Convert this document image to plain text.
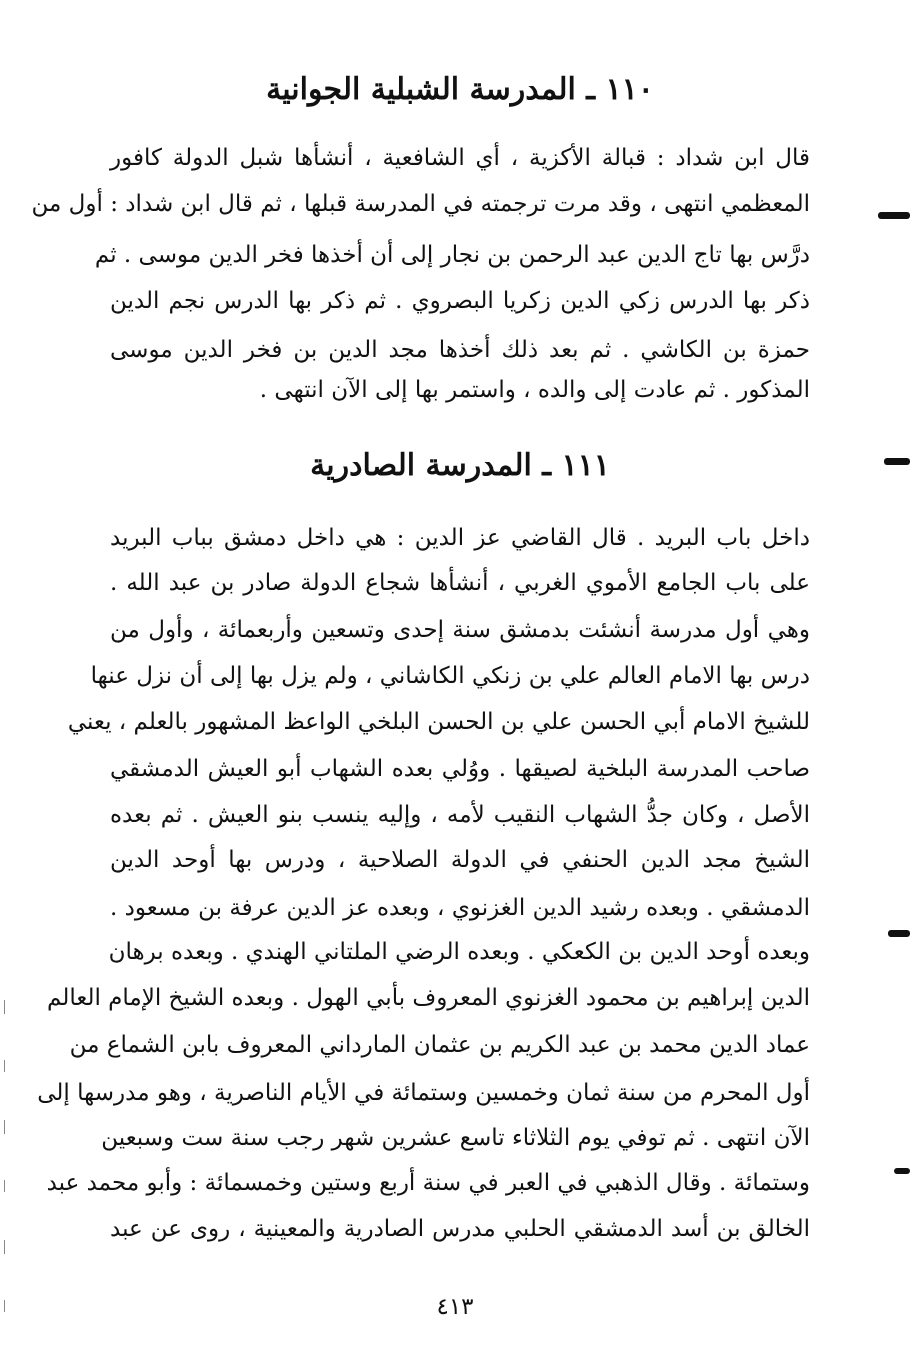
١١٠ ـ المدرسة الشبلية الجوانية
قال ابن شداد : قبالة الأكزية ، أي الشافعية ، أنشأها شبل الدولة كافور
المعظمي انتهى ، وقد مرت ترجمته في المدرسة قبلها ، ثم قال ابن شداد : أول من
درَّس بها تاج الدين عبد الرحمن بن نجار إلى أن أخذها فخر الدين موسى . ثم
ذكر بها الدرس زكي الدين زكريا البصروي . ثم ذكر بها الدرس نجم الدين
حمزة بن الكاشي . ثم بعد ذلك أخذها مجد الدين بن فخر الدين موسى
المذكور . ثم عادت إلى والده ، واستمر بها إلى الآن انتهى .
١١١ ـ المدرسة الصادرية
داخل باب البريد . قال القاضي عز الدين : هي داخل دمشق بباب البريد
على باب الجامع الأموي الغربي ، أنشأها شجاع الدولة صادر بن عبد الله .
وهي أول مدرسة أنشئت بدمشق سنة إحدى وتسعين وأربعمائة ، وأول من
درس بها الامام العالم علي بن زنكي الكاشاني ، ولم يزل بها إلى أن نزل عنها
للشيخ الامام أبي الحسن علي بن الحسن البلخي الواعظ المشهور بالعلم ، يعني
صاحب المدرسة البلخية لصيقها . ووُلي بعده الشهاب أبو العيش الدمشقي
الأصل ، وكان جدُّ الشهاب النقيب لأمه ، وإليه ينسب بنو العيش . ثم بعده
الشيخ مجد الدين الحنفي في الدولة الصلاحية ، ودرس بها أوحد الدين
الدمشقي . وبعده رشيد الدين الغزنوي ، وبعده عز الدين عرفة بن مسعود .
وبعده أوحد الدين بن الكعكي . وبعده الرضي الملتاني الهندي . وبعده برهان
الدين إبراهيم بن محمود الغزنوي المعروف بأبي الهول . وبعده الشيخ الإمام العالم
عماد الدين محمد بن عبد الكريم بن عثمان المارداني المعروف بابن الشماع من
أول المحرم من سنة ثمان وخمسين وستمائة في الأيام الناصرية ، وهو مدرسها إلى
الآن انتهى . ثم توفي يوم الثلاثاء تاسع عشرين شهر رجب سنة ست وسبعين
وستمائة . وقال الذهبي في العبر في سنة أربع وستين وخمسمائة : وأبو محمد عبد
الخالق بن أسد الدمشقي الحلبي مدرس الصادرية والمعينية ، روى عن عبد
٤١٣
